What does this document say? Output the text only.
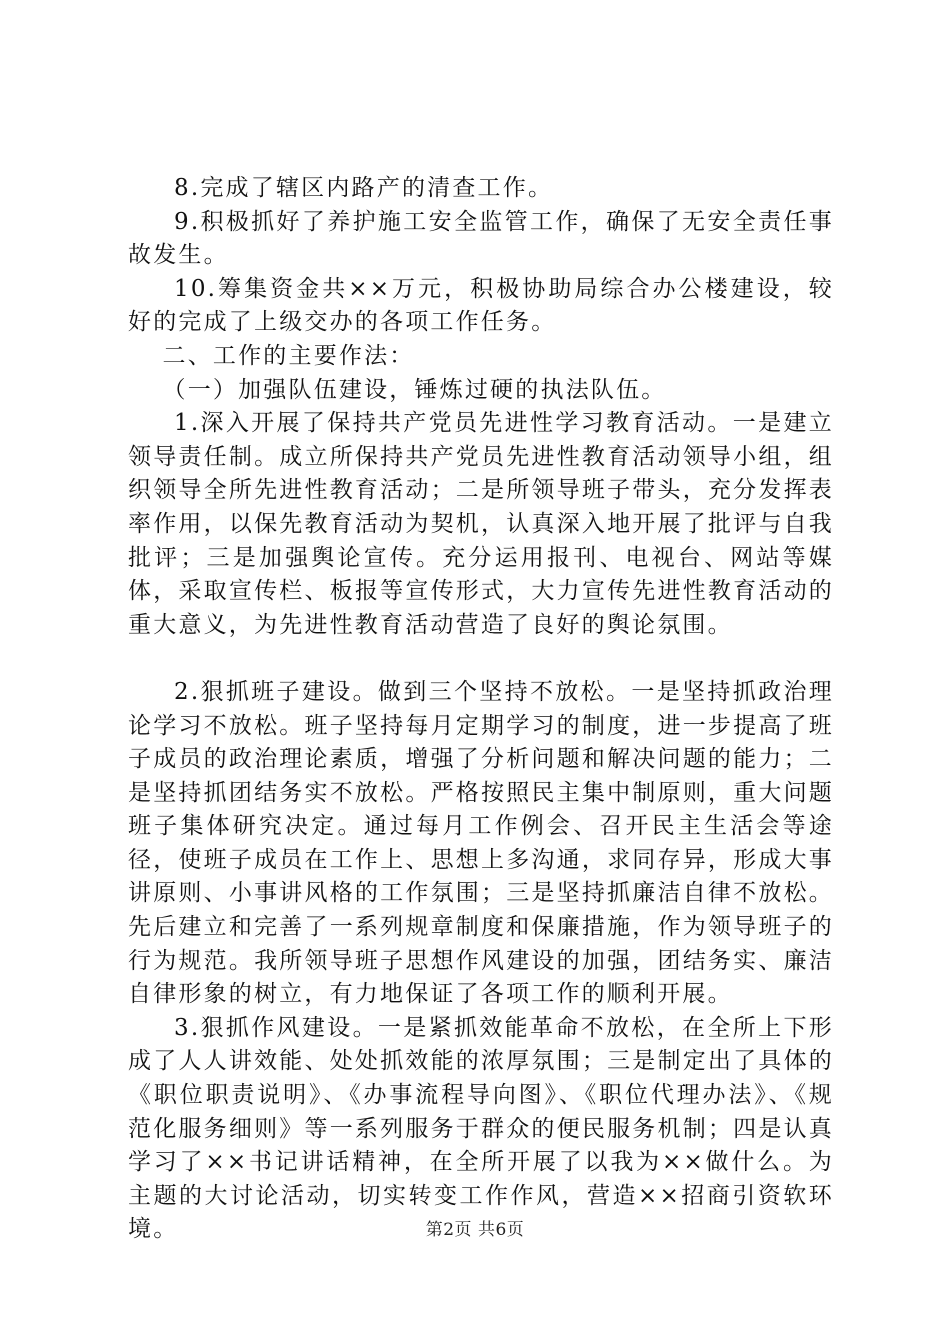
8.完成了辖区内路产的清查工作。

9.积极抓好了养护施工安全监管工作，确保了无安全责任事故发生。

10.筹集资金共××万元，积极协助局综合办公楼建设，较好的完成了上级交办的各项工作任务。

二、工作的主要作法：

（一）加强队伍建设，锤炼过硬的执法队伍。

1.深入开展了保持共产党员先进性学习教育活动。一是建立领导责任制。成立所保持共产党员先进性教育活动领导小组，组织领导全所先进性教育活动；二是所领导班子带头，充分发挥表率作用，以保先教育活动为契机，认真深入地开展了批评与自我批评；三是加强舆论宣传。充分运用报刊、电视台、网站等媒体，采取宣传栏、板报等宣传形式，大力宣传先进性教育活动的重大意义，为先进性教育活动营造了良好的舆论氛围。

2.狠抓班子建设。做到三个坚持不放松。一是坚持抓政治理论学习不放松。班子坚持每月定期学习的制度，进一步提高了班子成员的政治理论素质，增强了分析问题和解决问题的能力；二是坚持抓团结务实不放松。严格按照民主集中制原则，重大问题班子集体研究决定。通过每月工作例会、召开民主生活会等途径，使班子成员在工作上、思想上多沟通，求同存异，形成大事讲原则、小事讲风格的工作氛围；三是坚持抓廉洁自律不放松。先后建立和完善了一系列规章制度和保廉措施，作为领导班子的行为规范。我所领导班子思想作风建设的加强，团结务实、廉洁自律形象的树立，有力地保证了各项工作的顺利开展。

3.狠抓作风建设。一是紧抓效能革命不放松，在全所上下形成了人人讲效能、处处抓效能的浓厚氛围；三是制定出了具体的《职位职责说明》、《办事流程导向图》、《职位代理办法》、《规范化服务细则》等一系列服务于群众的便民服务机制；四是认真学习了××书记讲话精神，在全所开展了以我为××做什么。为主题的大讨论活动，切实转变工作作风，营造××招商引资软环境。	第2页 共6页
